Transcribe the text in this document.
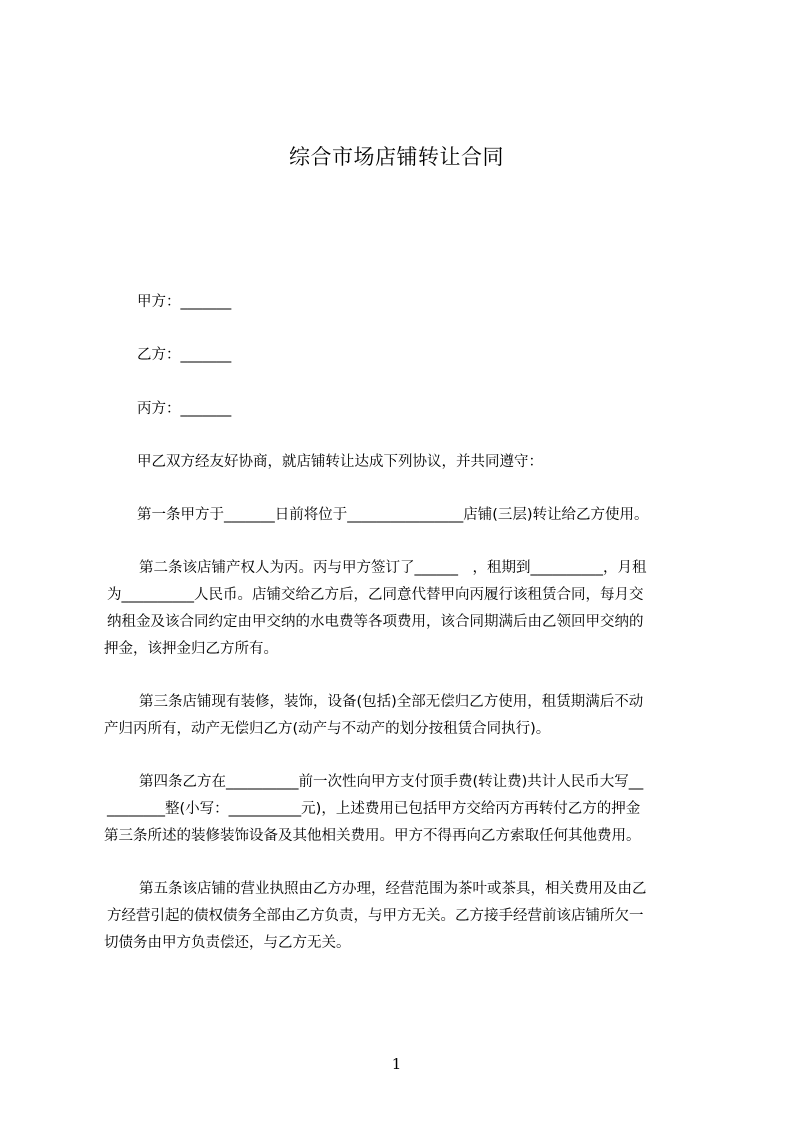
综合市场店铺转让合同
甲方：_______
乙方：_______
丙方：_______
甲乙双方经友好协商，就店铺转让达成下列协议，并共同遵守：
第一条甲方于_______日前将位于________________店铺(三层)转让给乙方使用。
第二条该店铺产权人为丙。丙与甲方签订了______　，租期到__________，月租
为__________人民币。店铺交给乙方后，乙同意代替甲向丙履行该租赁合同，每月交
纳租金及该合同约定由甲交纳的水电费等各项费用，该合同期满后由乙领回甲交纳的
押金，该押金归乙方所有。
第三条店铺现有装修，装饰，设备(包括)全部无偿归乙方使用，租赁期满后不动
产归丙所有，动产无偿归乙方(动产与不动产的划分按租赁合同执行)。
第四条乙方在__________前一次性向甲方支付顶手费(转让费)共计人民币大写__
________整(小写：__________元)，上述费用已包括甲方交给丙方再转付乙方的押金
第三条所述的装修装饰设备及其他相关费用。甲方不得再向乙方索取任何其他费用。
第五条该店铺的营业执照由乙方办理，经营范围为茶叶或茶具，相关费用及由乙
方经营引起的债权债务全部由乙方负责，与甲方无关。乙方接手经营前该店铺所欠一
切债务由甲方负责偿还，与乙方无关。
1
